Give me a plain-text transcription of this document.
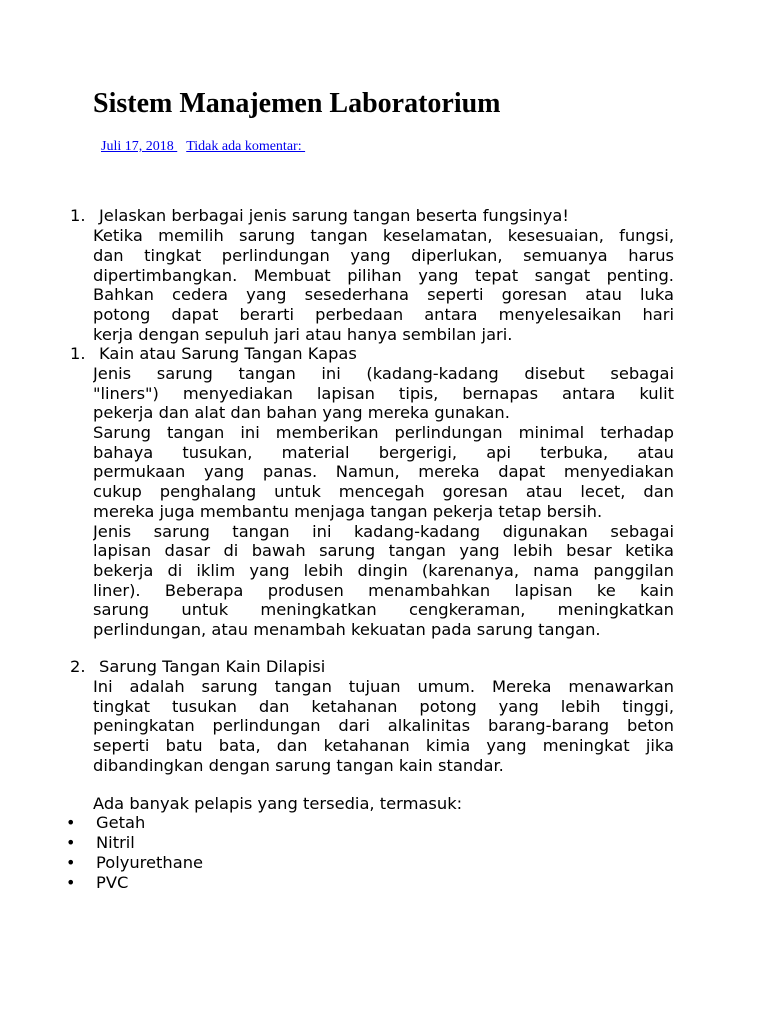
Sistem Manajemen Laboratorium
Juli 17, 2018 Tidak ada komentar:
1. Jelaskan berbagai jenis sarung tangan beserta fungsinya!
Ketika memilih sarung tangan keselamatan, kesesuaian, fungsi,
dan tingkat perlindungan yang diperlukan, semuanya harus
dipertimbangkan. Membuat pilihan yang tepat sangat penting.
Bahkan cedera yang sesederhana seperti goresan atau luka
potong dapat berarti perbedaan antara menyelesaikan hari
kerja dengan sepuluh jari atau hanya sembilan jari.
1. Kain atau Sarung Tangan Kapas
Jenis sarung tangan ini (kadang-kadang disebut sebagai
"liners") menyediakan lapisan tipis, bernapas antara kulit
pekerja dan alat dan bahan yang mereka gunakan.
Sarung tangan ini memberikan perlindungan minimal terhadap
bahaya tusukan, material bergerigi, api terbuka, atau
permukaan yang panas. Namun, mereka dapat menyediakan
cukup penghalang untuk mencegah goresan atau lecet, dan
mereka juga membantu menjaga tangan pekerja tetap bersih.
Jenis sarung tangan ini kadang-kadang digunakan sebagai
lapisan dasar di bawah sarung tangan yang lebih besar ketika
bekerja di iklim yang lebih dingin (karenanya, nama panggilan
liner). Beberapa produsen menambahkan lapisan ke kain
sarung untuk meningkatkan cengkeraman, meningkatkan
perlindungan, atau menambah kekuatan pada sarung tangan.
2. Sarung Tangan Kain Dilapisi
Ini adalah sarung tangan tujuan umum. Mereka menawarkan
tingkat tusukan dan ketahanan potong yang lebih tinggi,
peningkatan perlindungan dari alkalinitas barang-barang beton
seperti batu bata, dan ketahanan kimia yang meningkat jika
dibandingkan dengan sarung tangan kain standar.
Ada banyak pelapis yang tersedia, termasuk:
• Getah
• Nitril
• Polyurethane
• PVC
